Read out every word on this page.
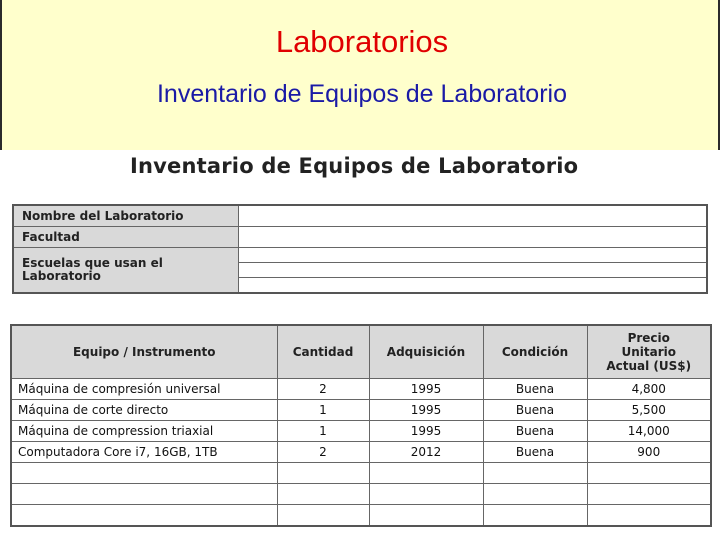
Laboratorios
Inventario de Equipos de Laboratorio
Inventario de Equipos de Laboratorio
Nombre del Laboratorio	
Facultad	
Escuelas que usan el Laboratorio	
Equipo / Instrumento	Cantidad	Adquisición	Condición	Precio Unitario Actual (US$)
Máquina de compresión universal	2	1995	Buena	4,800
Máquina de corte directo	1	1995	Buena	5,500
Máquina de compression triaxial	1	1995	Buena	14,000
Computadora Core i7, 16GB, 1TB	2	2012	Buena	900
